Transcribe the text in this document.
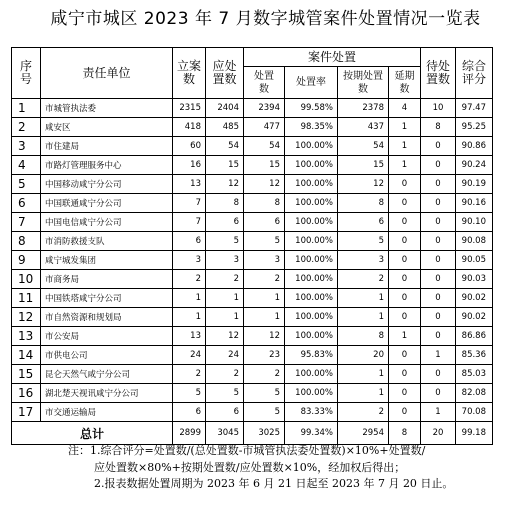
咸宁市城区 2023 年 7 月数字城管案件处置情况一览表
序号	责任单位	立案数	应处置数	案件处置				待处置数	综合评分

				处置数	处置率	按期处置数	延期数		

1	市城管执法委	2315	2404	2394	99.58%	2378	4	10	97.47
2	咸安区	418	485	477	98.35%	437	1	8	95.25
3	市住建局	60	54	54	100.00%	54	1	0	90.86
4	市路灯管理服务中心	16	15	15	100.00%	15	1	0	90.24
5	中国移动咸宁分公司	13	12	12	100.00%	12	0	0	90.19
6	中国联通咸宁分公司	7	8	8	100.00%	8	0	0	90.16
7	中国电信咸宁分公司	7	6	6	100.00%	6	0	0	90.10
8	市消防救援支队	6	5	5	100.00%	5	0	0	90.08
9	咸宁城发集团	3	3	3	100.00%	3	0	0	90.05
10	市商务局	2	2	2	100.00%	2	0	0	90.03
11	中国铁塔咸宁分公司	1	1	1	100.00%	1	0	0	90.02
12	市自然资源和规划局	1	1	1	100.00%	1	0	0	90.02
13	市公安局	13	12	12	100.00%	8	1	0	86.86
14	市供电公司	24	24	23	95.83%	20	0	1	85.36
15	昆仑天然气咸宁分公司	2	2	2	100.00%	1	0	0	85.03
16	湖北楚天视讯咸宁分公司	5	5	5	100.00%	1	0	0	82.08
17	市交通运输局	6	6	5	83.33%	2	0	1	70.08
总计		2899	3045	3025	99.34%	2954	8	20	99.18
注：1.综合评分=处置数/(总处置数-市城管执法委处置数)×10%+处置数/
应处置数×80%+按期处置数/应处置数×10%，经加权后得出；
2.报表数据处置周期为 2023 年 6 月 21 日起至 2023 年 7 月 20 日止。
